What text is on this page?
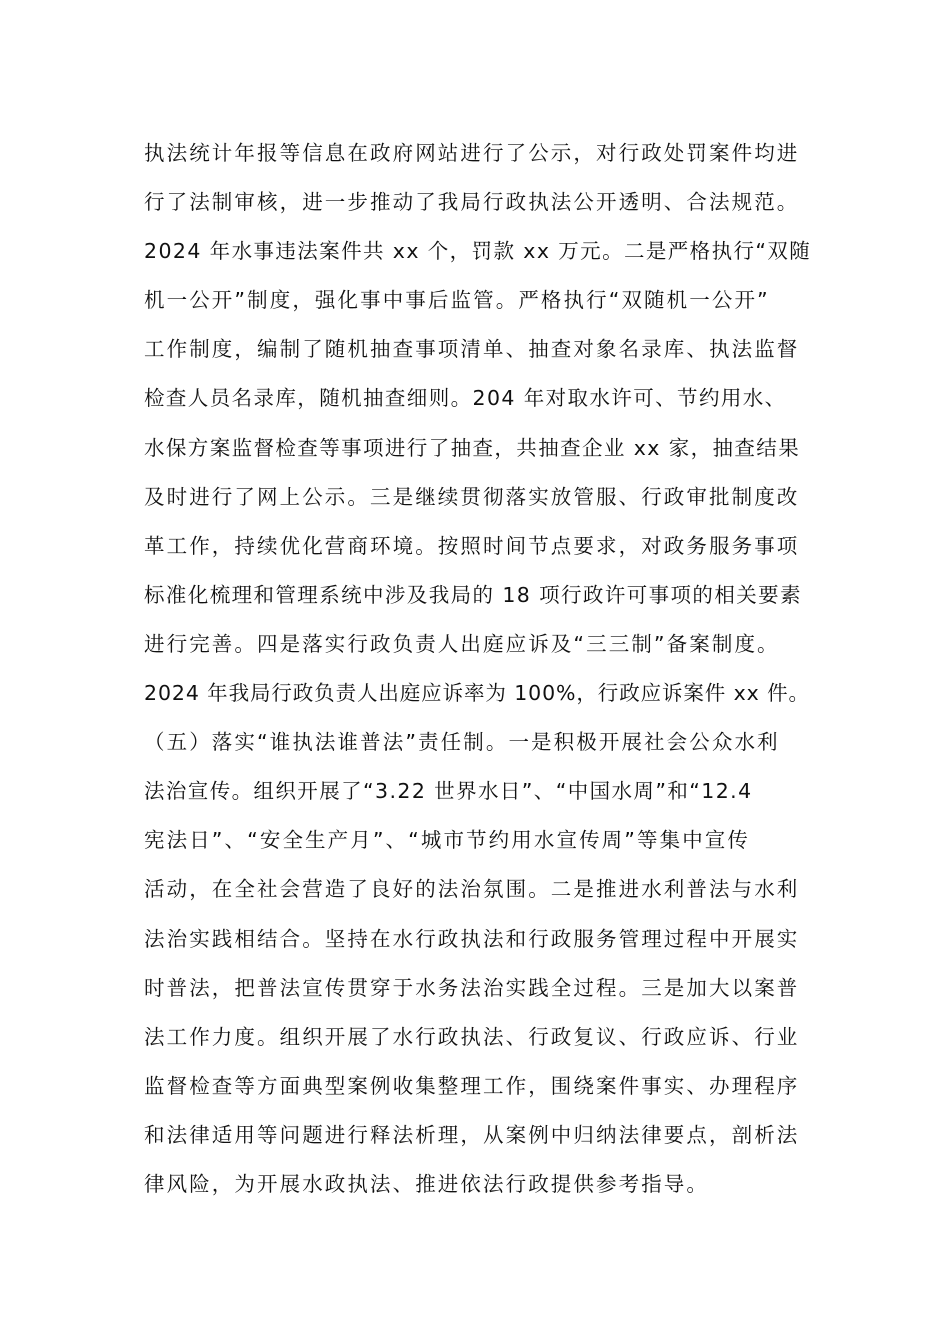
执法统计年报等信息在政府网站进行了公示，对行政处罚案件均进
行了法制审核，进一步推动了我局行政执法公开透明、合法规范。
2024 年水事违法案件共 xx 个，罚款 xx 万元。二是严格执行“双随
机一公开”制度，强化事中事后监管。严格执行“双随机一公开”
工作制度，编制了随机抽查事项清单、抽查对象名录库、执法监督
检查人员名录库，随机抽查细则。204 年对取水许可、节约用水、
水保方案监督检查等事项进行了抽查，共抽查企业 xx 家，抽查结果
及时进行了网上公示。三是继续贯彻落实放管服、行政审批制度改
革工作，持续优化营商环境。按照时间节点要求，对政务服务事项
标准化梳理和管理系统中涉及我局的 18 项行政许可事项的相关要素
进行完善。四是落实行政负责人出庭应诉及“三三制”备案制度。
2024 年我局行政负责人出庭应诉率为 100%，行政应诉案件 xx 件。
（五）落实“谁执法谁普法”责任制。一是积极开展社会公众水利
法治宣传。组织开展了“3.22 世界水日”、“中国水周”和“12.4
宪法日”、“安全生产月”、“城市节约用水宣传周”等集中宣传
活动，在全社会营造了良好的法治氛围。二是推进水利普法与水利
法治实践相结合。坚持在水行政执法和行政服务管理过程中开展实
时普法，把普法宣传贯穿于水务法治实践全过程。三是加大以案普
法工作力度。组织开展了水行政执法、行政复议、行政应诉、行业
监督检查等方面典型案例收集整理工作，围绕案件事实、办理程序
和法律适用等问题进行释法析理，从案例中归纳法律要点，剖析法
律风险，为开展水政执法、推进依法行政提供参考指导。
